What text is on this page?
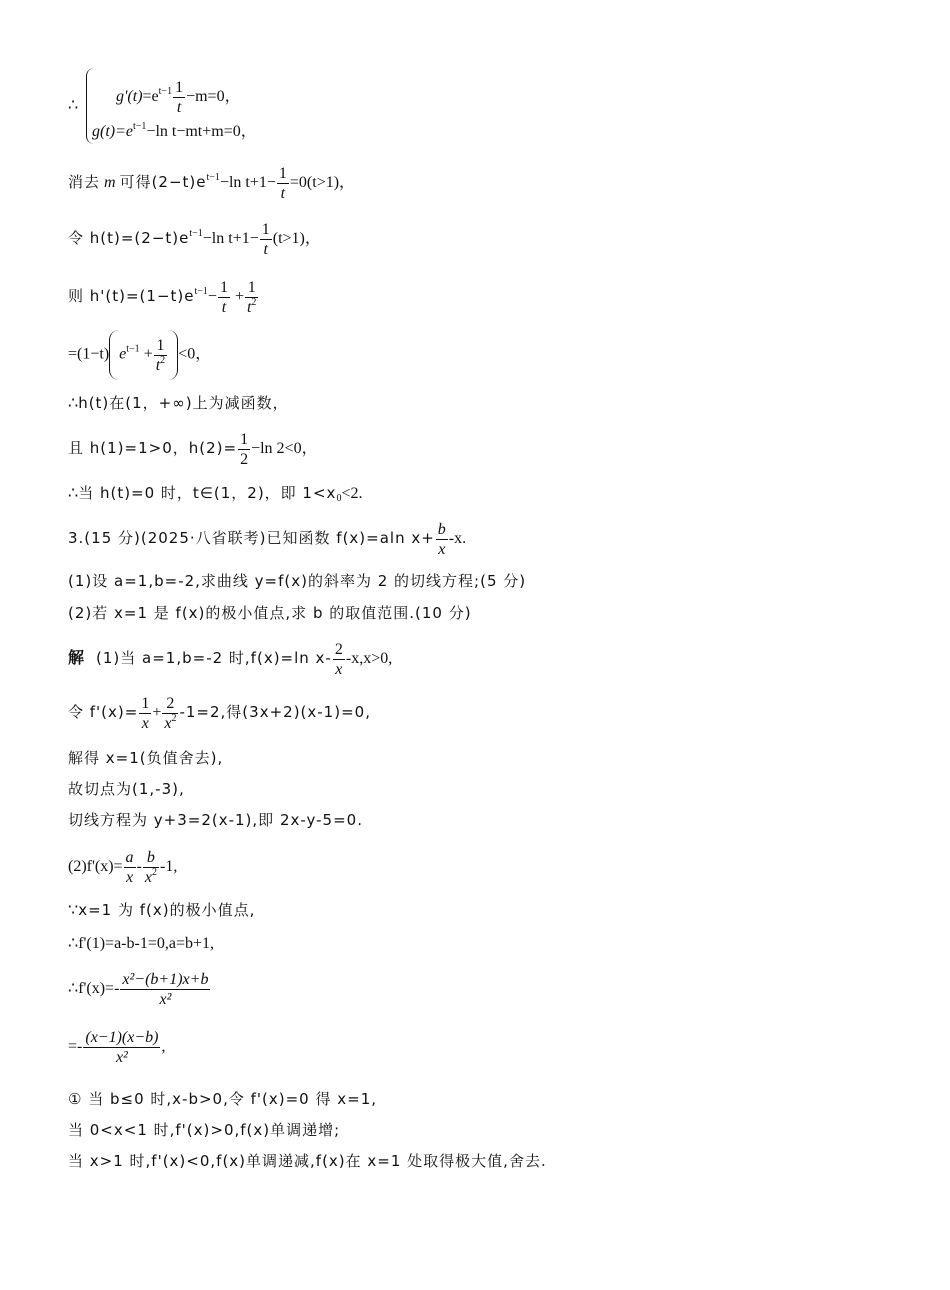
∴
$g'(t)=e^{t-1} \frac{1}{t} -m=0$，
$g(t)=e^{t-1}-\ln$ t−mt+m=0，
消去 m 可得$(2-t)e^{t-1}-\ln$ $t+1- \frac{1}{t} =0(t>1)$，
令 $h(t)=(2-t)e^{t-1}-\ln$ $t+1- \frac{1}{t} (t>1)$，
则 $h'(t)=(1-t)e^{t-1}- \frac{1}{t} + \frac{1}{t^2}$
=(1−t) $e^{t-1} + \frac{1}{t^2} <0$，
∴h(t)在(1，+∞)上为减函数，
且 h(1)=1>0，$h(2)= \frac{1}{2} -\ln$ 2<0，
∴当 h(t)=0 时，t∈(1，2)，即 $1<x_0<2$.
3.(15 分)(2025·八省联考)已知函数 f(x)=aln $x+ \frac{b}{x} -x$.
(1)设 a=1,b=-2,求曲线 y=f(x)的斜率为 2 的切线方程;(5 分)
(2)若 x=1 是 f(x)的极小值点,求 b 的取值范围.(10 分)
解 (1)当 a=1,b=-2 时,f(x)=ln $x- \frac{2}{x} -x,x>0$,
令 $f'(x)= \frac{1}{x} + \frac{2}{x^2} -1=2$,得(3x+2)(x-1)=0,
解得 x=1(负值舍去),
故切点为(1,-3),
切线方程为 y+3=2(x-1),即 2x-y-5=0.
$(2)f'(x)= \frac{a}{x} - \frac{b}{x^2} -1$,
∵x=1 为 f(x)的极小值点,
∴f'(1)=a-b-1=0,a=b+1,
∴f'(x)=- $\frac{\text{x²−(b+1)x+b}}{\text{x²}}$
=- $\frac{(x-1)(x-b)}{\text{x²}}$ ,
① 当 b≤0 时,x-b>0,令 f'(x)=0 得 x=1,
当 0<x<1 时,f'(x)>0,f(x)单调递增;
当 x>1 时,f'(x)<0,f(x)单调递减,f(x)在 x=1 处取得极大值,舍去.
